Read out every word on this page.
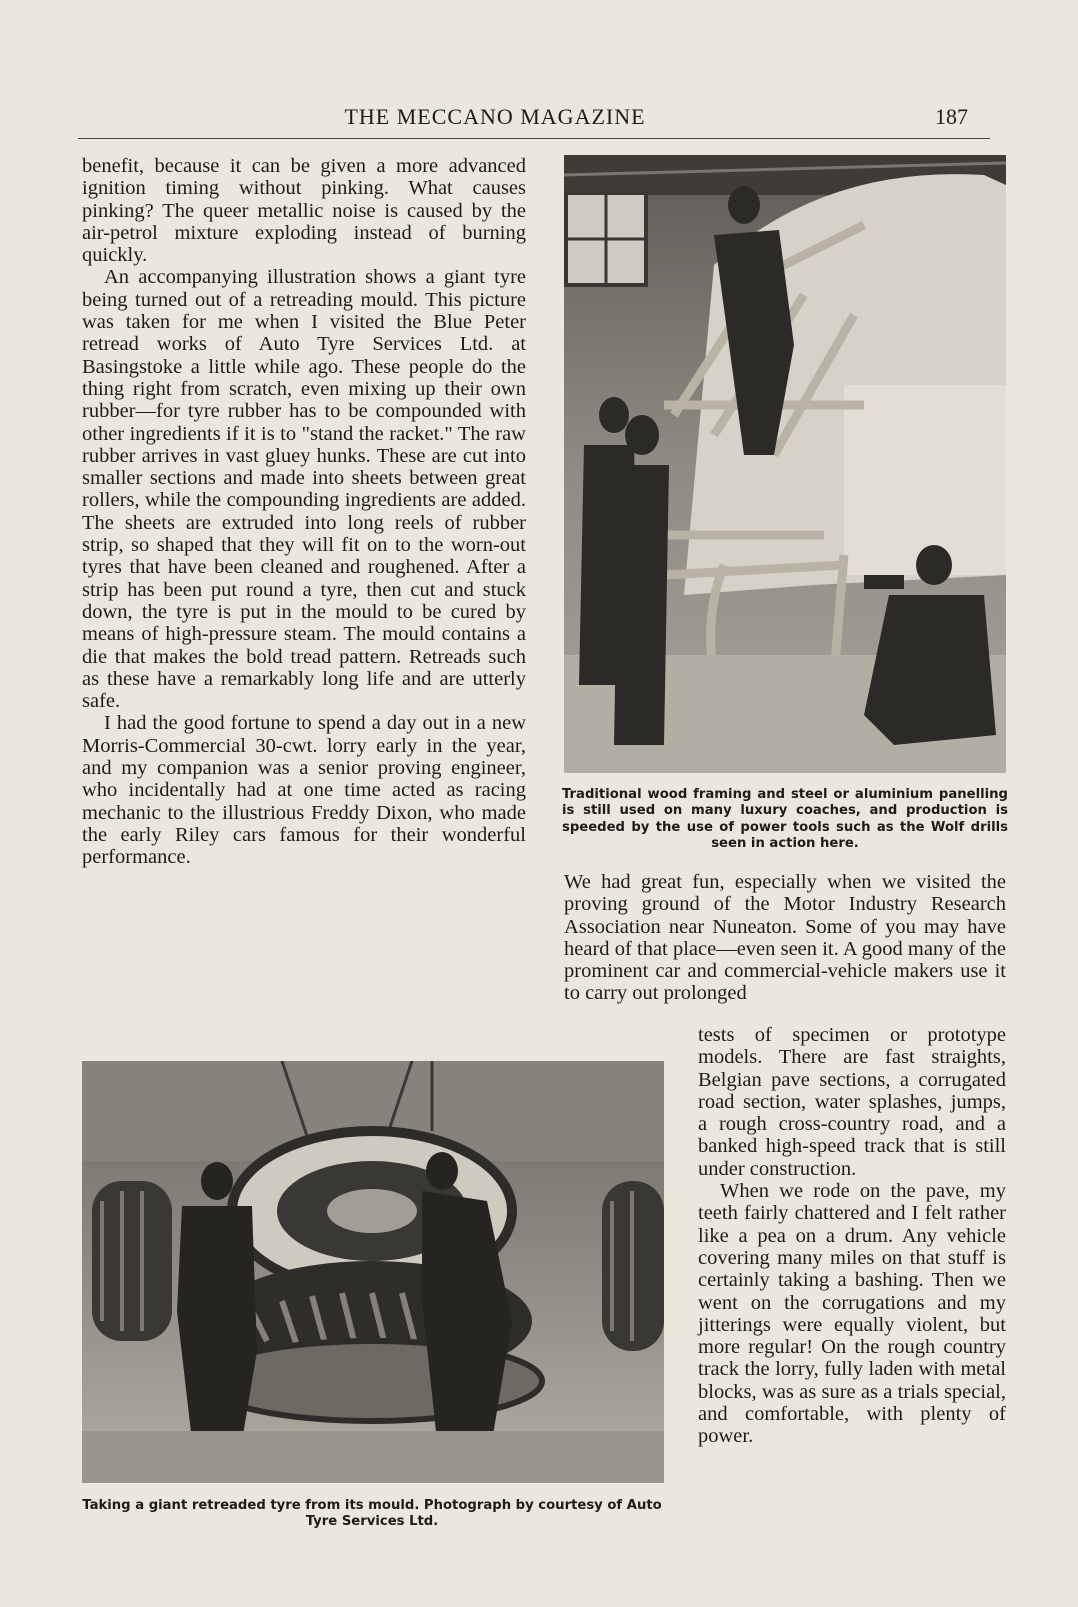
THE MECCANO MAGAZINE	187

benefit, because it can be given a more advanced ignition timing without pinking. What causes pinking? The queer metallic noise is caused by the air-petrol mixture exploding instead of burning quickly.

An accompanying illustration shows a giant tyre being turned out of a retreading mould. This picture was taken for me when I visited the Blue Peter retread works of Auto Tyre Services Ltd. at Basingstoke a little while ago. These people do the thing right from scratch, even mixing up their own rubber—for tyre rubber has to be compounded with other ingredients if it is to "stand the racket." The raw rubber arrives in vast gluey hunks. These are cut into smaller sections and made into sheets between great rollers, while the compounding ingredients are added. The sheets are extruded into long reels of rubber strip, so shaped that they will fit on to the worn-out tyres that have been cleaned and roughened. After a strip has been put round a tyre, then cut and stuck down, the tyre is put in the mould to be cured by means of high-pressure steam. The mould contains a die that makes the bold tread pattern. Retreads such as these have a remarkably long life and are utterly safe.

I had the good fortune to spend a day out in a new Morris-Commercial 30-cwt. lorry early in the year, and my companion was a senior proving engineer, who incidentally had at one time acted as racing mechanic to the illustrious Freddy Dixon, who made the early Riley cars famous for their wonderful performance.

Traditional wood framing and steel or aluminium panelling is still used on many luxury coaches, and production is speeded by the use of power tools such as the Wolf drills seen in action here.

We had great fun, especially when we visited the proving ground of the Motor Industry Research Association near Nuneaton. Some of you may have heard of that place—even seen it. A good many of the prominent car and commercial-vehicle makers use it to carry out prolonged

tests of specimen or prototype models. There are fast straights, Belgian pave sections, a corrugated road section, water splashes, jumps, a rough cross-country road, and a banked high-speed track that is still under construction.

When we rode on the pave, my teeth fairly chattered and I felt rather like a pea on a drum. Any vehicle covering many miles on that stuff is certainly taking a bashing. Then we went on the corrugations and my jitterings were equally violent, but more regular! On the rough country track the lorry, fully laden with metal blocks, was as sure as a trials special, and comfortable, with plenty of power.

Taking a giant retreaded tyre from its mould. Photograph by courtesy of Auto Tyre Services Ltd.
